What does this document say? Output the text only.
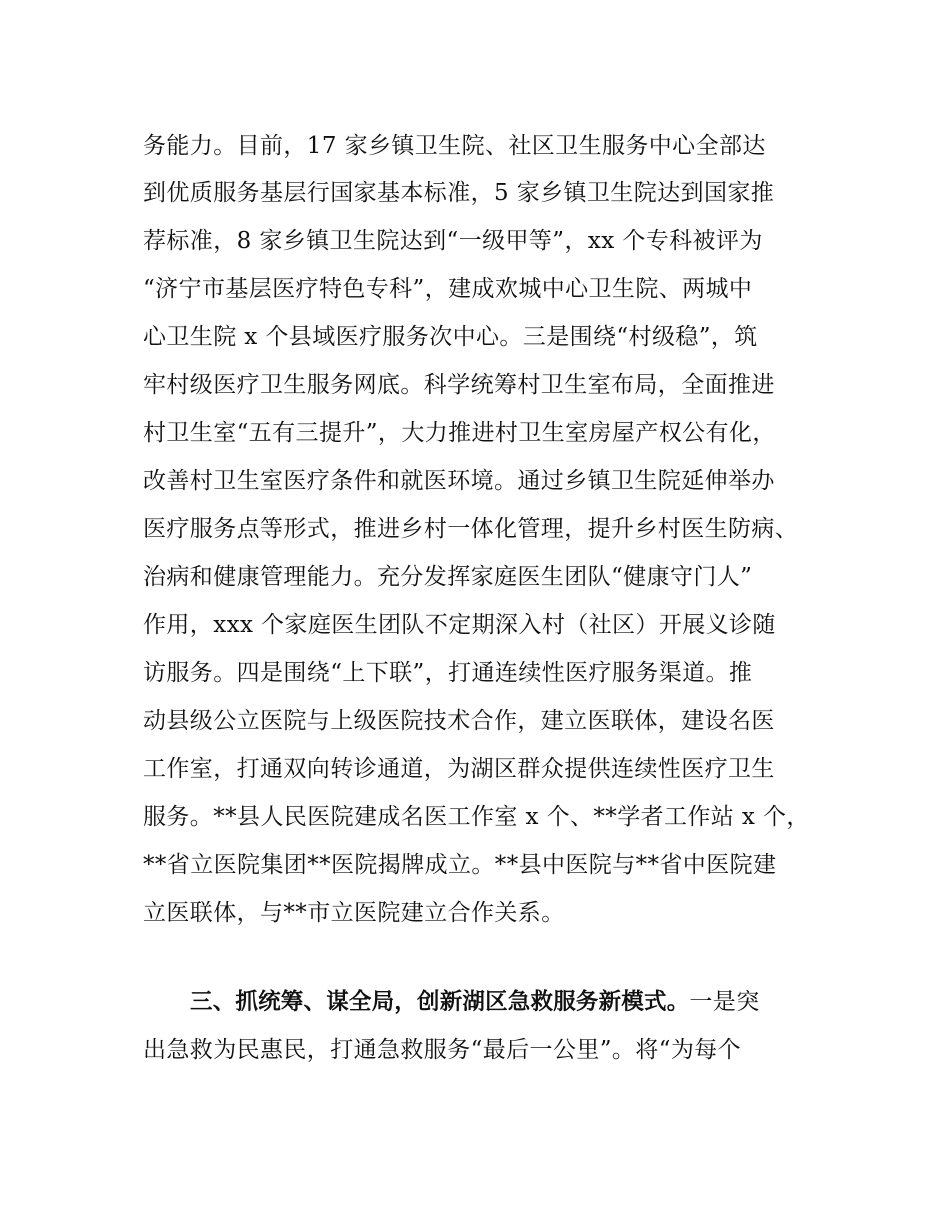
务能力。目前，17 家乡镇卫生院、社区卫生服务中心全部达
到优质服务基层行国家基本标准，5 家乡镇卫生院达到国家推
荐标准，8 家乡镇卫生院达到“一级甲等”，xx 个专科被评为
“济宁市基层医疗特色专科”，建成欢城中心卫生院、两城中
心卫生院 x 个县域医疗服务次中心。三是围绕“村级稳”，筑
牢村级医疗卫生服务网底。科学统筹村卫生室布局，全面推进
村卫生室“五有三提升”，大力推进村卫生室房屋产权公有化，
改善村卫生室医疗条件和就医环境。通过乡镇卫生院延伸举办
医疗服务点等形式，推进乡村一体化管理，提升乡村医生防病、
治病和健康管理能力。充分发挥家庭医生团队“健康守门人”
作用，xxx 个家庭医生团队不定期深入村（社区）开展义诊随
访服务。四是围绕“上下联”，打通连续性医疗服务渠道。推
动县级公立医院与上级医院技术合作，建立医联体，建设名医
工作室，打通双向转诊通道，为湖区群众提供连续性医疗卫生
服务。**县人民医院建成名医工作室 x 个、**学者工作站 x 个，
**省立医院集团**医院揭牌成立。**县中医院与**省中医院建
立医联体，与**市立医院建立合作关系。
三、抓统筹、谋全局，创新湖区急救服务新模式。一是突
出急救为民惠民，打通急救服务“最后一公里”。将“为每个
